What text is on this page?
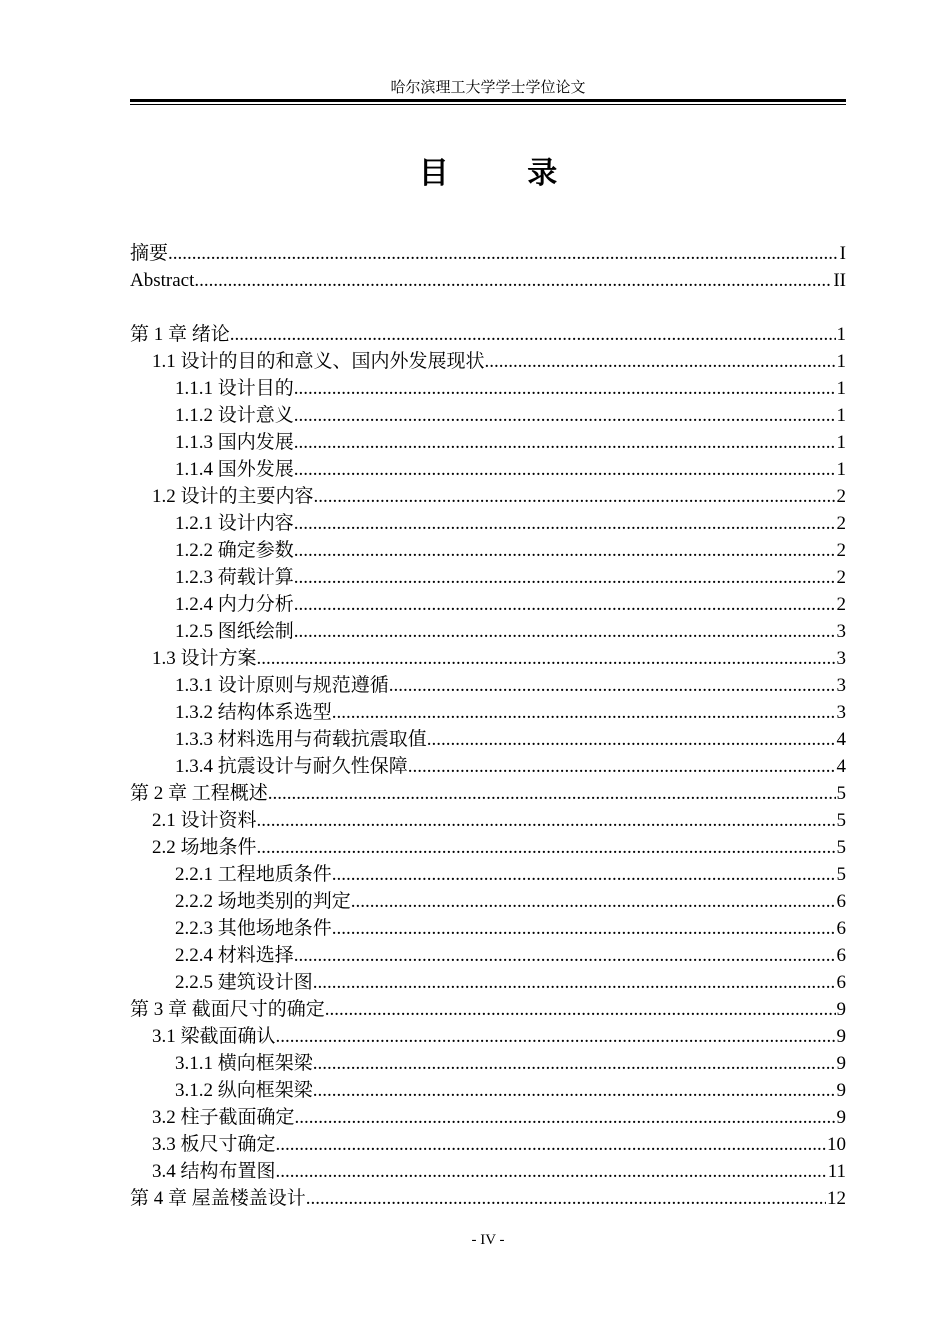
哈尔滨理工大学学士学位论文
目 录
摘要 .....	I
Abstract .....	II
第 1 章 绪论 .....	1
1.1 设计的目的和意义、国内外发展现状 .....	1
1.1.1 设计目的 .....	1
1.1.2 设计意义 .....	1
1.1.3 国内发展 .....	1
1.1.4 国外发展 .....	1
1.2 设计的主要内容 .....	2
1.2.1 设计内容 .....	2
1.2.2 确定参数 .....	2
1.2.3 荷载计算 .....	2
1.2.4 内力分析 .....	2
1.2.5 图纸绘制 .....	3
1.3 设计方案 .....	3
1.3.1 设计原则与规范遵循 .....	3
1.3.2 结构体系选型 .....	3
1.3.3 材料选用与荷载抗震取值 .....	4
1.3.4 抗震设计与耐久性保障 .....	4
第 2 章 工程概述 .....	5
2.1 设计资料 .....	5
2.2 场地条件 .....	5
2.2.1 工程地质条件 .....	5
2.2.2 场地类别的判定 .....	6
2.2.3 其他场地条件 .....	6
2.2.4 材料选择 .....	6
2.2.5 建筑设计图 .....	6
第 3 章 截面尺寸的确定 .....	9
3.1 梁截面确认 .....	9
3.1.1 横向框架梁 .....	9
3.1.2 纵向框架梁 .....	9
3.2 柱子截面确定 .....	9
3.3 板尺寸确定 .....	10
3.4 结构布置图 .....	11
第 4 章 屋盖楼盖设计 .....	12
- IV -
